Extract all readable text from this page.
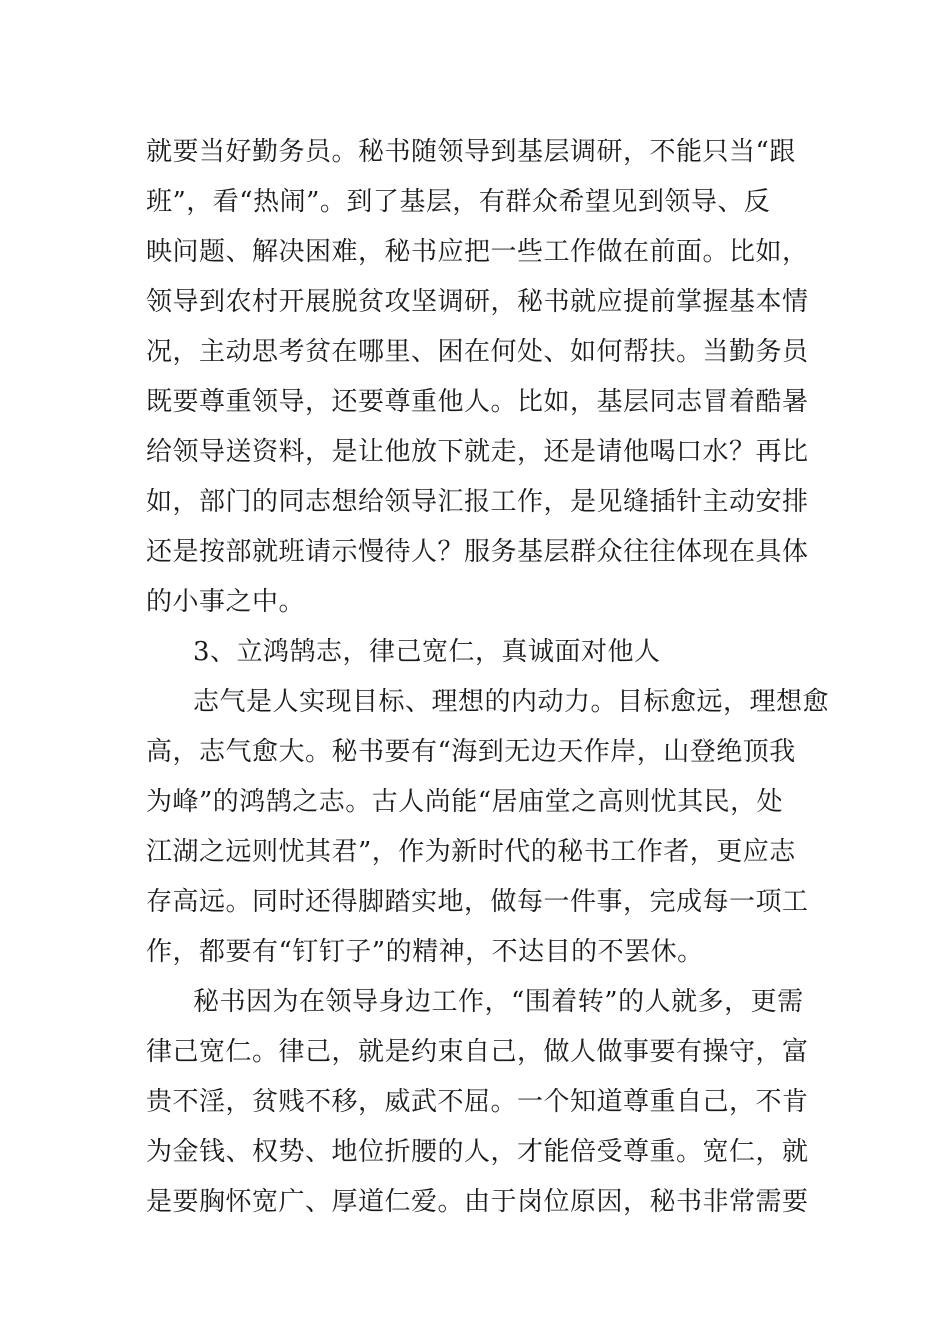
就要当好勤务员。秘书随领导到基层调研，不能只当“跟
班”，看“热闹”。到了基层，有群众希望见到领导、反
映问题、解决困难，秘书应把一些工作做在前面。比如，
领导到农村开展脱贫攻坚调研，秘书就应提前掌握基本情
况，主动思考贫在哪里、困在何处、如何帮扶。当勤务员
既要尊重领导，还要尊重他人。比如，基层同志冒着酷暑
给领导送资料，是让他放下就走，还是请他喝口水？再比
如，部门的同志想给领导汇报工作，是见缝插针主动安排
还是按部就班请示慢待人？服务基层群众往往体现在具体
的小事之中。
3、立鸿鹄志，律己宽仁，真诚面对他人
志气是人实现目标、理想的内动力。目标愈远，理想愈
高，志气愈大。秘书要有“海到无边天作岸，山登绝顶我
为峰”的鸿鹄之志。古人尚能“居庙堂之高则忧其民，处
江湖之远则忧其君”，作为新时代的秘书工作者，更应志
存高远。同时还得脚踏实地，做每一件事，完成每一项工
作，都要有“钉钉子”的精神，不达目的不罢休。
秘书因为在领导身边工作，“围着转”的人就多，更需
律己宽仁。律己，就是约束自己，做人做事要有操守，富
贵不淫，贫贱不移，威武不屈。一个知道尊重自己，不肯
为金钱、权势、地位折腰的人，才能倍受尊重。宽仁，就
是要胸怀宽广、厚道仁爱。由于岗位原因，秘书非常需要
